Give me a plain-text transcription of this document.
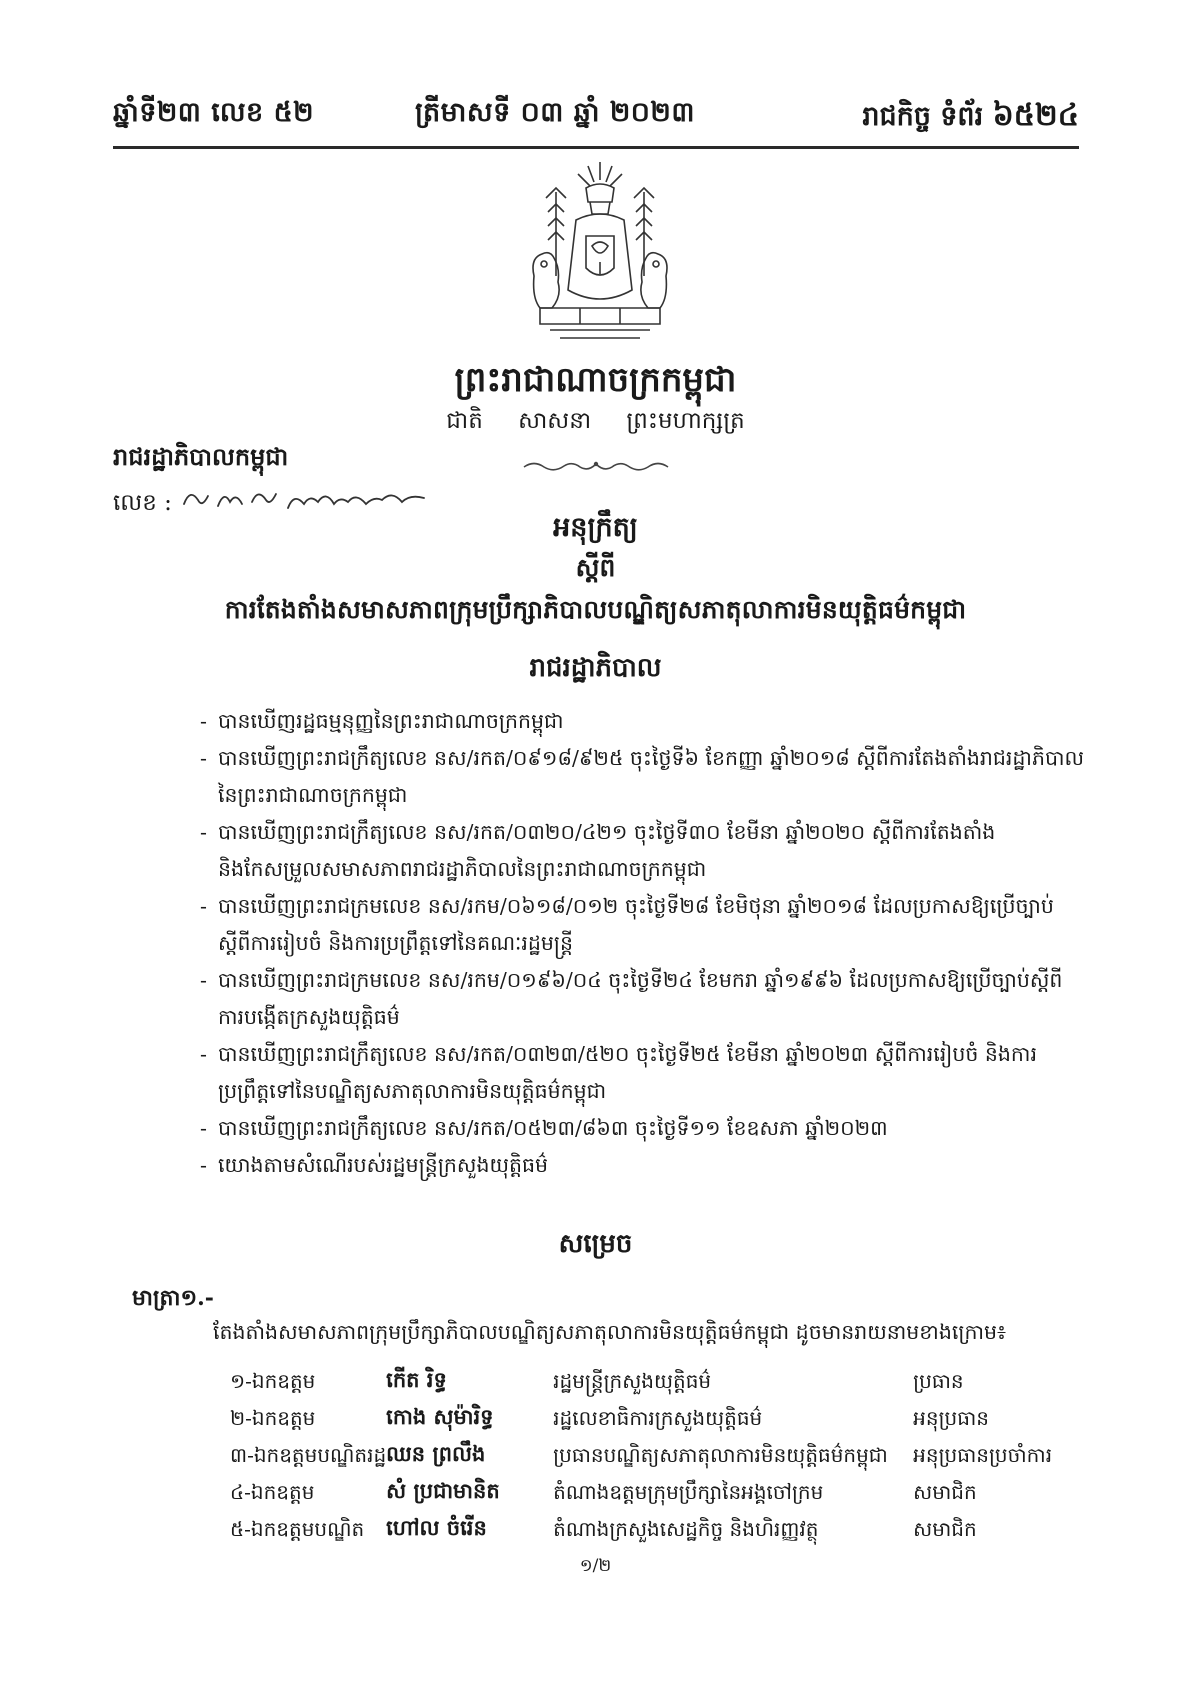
ឆ្នាំទី២៣ លេខ ៥២	ត្រីមាសទី ០៣ ឆ្នាំ ២០២៣	រាជកិច្ច ទំព័រ ៦៥២៤
ព្រះរាជាណាចក្រកម្ពុជា
ជាតិ សាសនា ព្រះមហាក្សត្រ
រាជរដ្ឋាភិបាលកម្ពុជា
លេខ :
អនុក្រឹត្យ
ស្តីពី
ការតែងតាំងសមាសភាពក្រុមប្រឹក្សាភិបាលបណ្ឌិត្យសភាតុលាការមិនយុត្តិធម៌កម្ពុជា
រាជរដ្ឋាភិបាល
- បានឃើញរដ្ឋធម្មនុញ្ញនៃព្រះរាជាណាចក្រកម្ពុជា
- បានឃើញព្រះរាជក្រឹត្យលេខ នស/រកត/០៩១៨/៩២៥ ចុះថ្ងៃទី៦ ខែកញ្ញា ឆ្នាំ២០១៨ ស្តីពីការតែងតាំងរាជរដ្ឋាភិបាលនៃព្រះរាជាណាចក្រកម្ពុជា
- បានឃើញព្រះរាជក្រឹត្យលេខ នស/រកត/០៣២០/៤២១ ចុះថ្ងៃទី៣០ ខែមីនា ឆ្នាំ២០២០ ស្តីពីការតែងតាំង និងកែសម្រួលសមាសភាពរាជរដ្ឋាភិបាលនៃព្រះរាជាណាចក្រកម្ពុជា
- បានឃើញព្រះរាជក្រមលេខ នស/រកម/០៦១៨/០១២ ចុះថ្ងៃទី២៨ ខែមិថុនា ឆ្នាំ២០១៨ ដែលប្រកាសឱ្យប្រើច្បាប់ស្តីពីការរៀបចំ និងការប្រព្រឹត្តទៅនៃគណៈរដ្ឋមន្ត្រី
- បានឃើញព្រះរាជក្រមលេខ នស/រកម/០១៩៦/០៤ ចុះថ្ងៃទី២៤ ខែមករា ឆ្នាំ១៩៩៦ ដែលប្រកាសឱ្យប្រើច្បាប់ស្តីពីការបង្កើតក្រសួងយុត្តិធម៌
- បានឃើញព្រះរាជក្រឹត្យលេខ នស/រកត/០៣២៣/៥២០ ចុះថ្ងៃទី២៥ ខែមីនា ឆ្នាំ២០២៣ ស្តីពីការរៀបចំ និងការប្រព្រឹត្តទៅនៃបណ្ឌិត្យសភាតុលាការមិនយុត្តិធម៌កម្ពុជា
- បានឃើញព្រះរាជក្រឹត្យលេខ នស/រកត/០៥២៣/៨៦៣ ចុះថ្ងៃទី១១ ខែឧសភា ឆ្នាំ២០២៣
- យោងតាមសំណើរបស់រដ្ឋមន្ត្រីក្រសួងយុត្តិធម៌
សម្រេច
មាត្រា១.-
តែងតាំងសមាសភាពក្រុមប្រឹក្សាភិបាលបណ្ឌិត្យសភាតុលាការមិនយុត្តិធម៌កម្ពុជា ដូចមានរាយនាមខាងក្រោម៖
១-ឯកឧត្តម	កើត រិទ្ធ	រដ្ឋមន្ត្រីក្រសួងយុត្តិធម៌	ប្រធាន
២-ឯកឧត្តម	កោង សុម៉ារិទ្ធ	រដ្ឋលេខាធិការក្រសួងយុត្តិធម៌	អនុប្រធាន
៣-ឯកឧត្តមបណ្ឌិតរដ្ឋ	ឈន ព្រលឹង	ប្រធានបណ្ឌិត្យសភាតុលាការមិនយុត្តិធម៌កម្ពុជា	អនុប្រធានប្រចាំការ
៤-ឯកឧត្តម	សំ ប្រជាមានិត	តំណាងឧត្តមក្រុមប្រឹក្សានៃអង្គចៅក្រម	សមាជិក
៥-ឯកឧត្តមបណ្ឌិត	ហៅល ចំរើន	តំណាងក្រសួងសេដ្ឋកិច្ច និងហិរញ្ញវត្ថុ	សមាជិក
១/២
